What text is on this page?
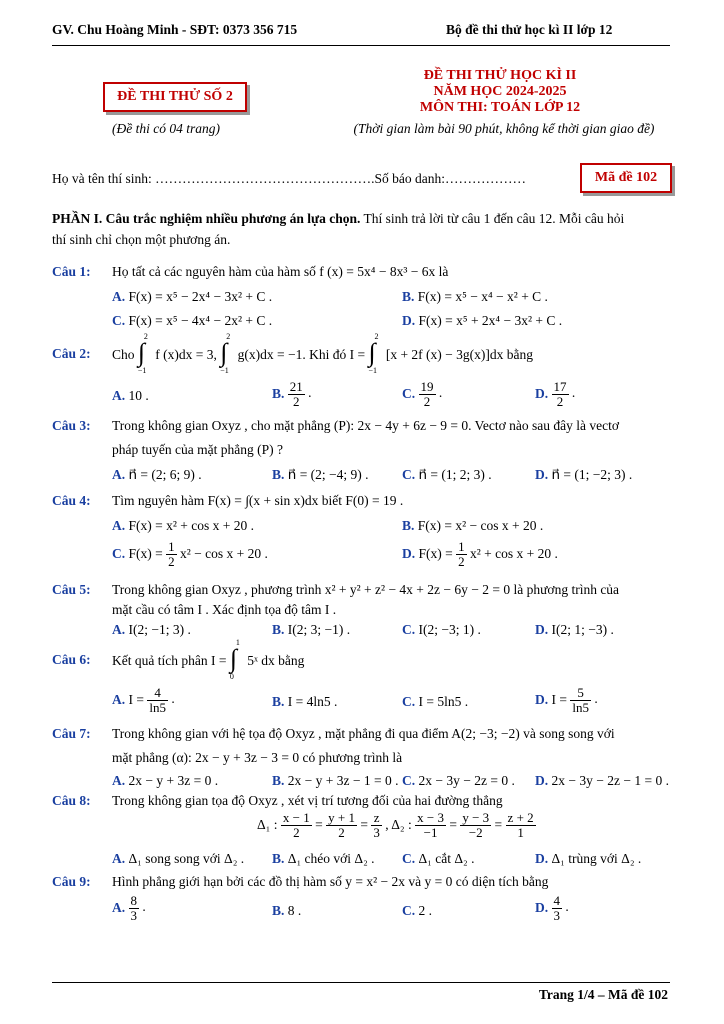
GV. Chu Hoàng Minh - SĐT: 0373 356 715	Bộ đề thi thử học kì II lớp 12
ĐỀ THI THỬ SỐ 2
(Đề thi có 04 trang)
ĐỀ THI THỬ HỌC KÌ II
NĂM HỌC 2024-2025
MÔN THI: TOÁN LỚP 12
(Thời gian làm bài 90 phút, không kể thời gian giao đề)
Họ và tên thí sinh: ………………………………………….Số báo danh:………………	Mã đề 102
PHẦN I. Câu trắc nghiệm nhiều phương án lựa chọn. Thí sinh trả lời từ câu 1 đến câu 12. Mỗi câu hỏi
thí sinh chỉ chọn một phương án.
Câu 1: Họ tất cả các nguyên hàm của hàm số f (x) = 5x⁴ − 8x³ − 6x là
A. F(x) = x⁵ − 2x⁴ − 3x² + C .	B. F(x) = x⁵ − x⁴ − x² + C .
C. F(x) = x⁵ − 4x⁴ − 2x² + C .	D. F(x) = x⁵ + 2x⁴ − 3x² + C .
Câu 2: Cho ∫
2
−1
f (x)dx = 3, ∫
2
−1
g(x)dx = −1. Khi đó I = ∫
2
−1
[x + 2f (x) − 3g(x)]dx bằng
A. 10 .	B. $\frac{21}{2}$ .	C. $\frac{19}{2}$ .	D. $\frac{17}{2}$ .
Câu 3: Trong không gian Oxyz , cho mặt phẳng (P): 2x − 4y + 6z − 9 = 0. Vectơ nào sau đây là vectơ
pháp tuyến của mặt phẳng (P) ?
A. n⃗ = (2; 6; 9) .	B. n⃗ = (2; −4; 9) . C. n⃗ = (1; 2; 3) .	D. n⃗ = (1; −2; 3) .
Câu 4: Tìm nguyên hàm F(x) = ∫(x + sin x)dx biết F(0) = 19 .
A. F(x) = x² + cos x + 20 .	B. F(x) = x² − cos x + 20 .
C. $F(x) = \frac{1}{2} x^2 - \cos x + 20$ .	D. $F(x) = \frac{1}{2} x^2 + \cos x + 20$ .
Câu 5: Trong không gian Oxyz , phương trình x² + y² + z² − 4x + 2z − 6y − 2 = 0 là phương trình của
mặt cầu có tâm I . Xác định tọa độ tâm I .
A. I(2; −1; 3) .	B. I(2; 3; −1) .	C. I(2; −3; 1) .	D. I(2; 1; −3) .
Câu 6: Kết quả tích phân I = ∫
1
0
5ˣ dx bằng
A. $I = \frac{4}{\ln 5}$ .	B. I = 4ln5 .	C. I = 5ln5 .	D. $I = \frac{5}{\ln 5}$ .
Câu 7: Trong không gian với hệ tọa độ Oxyz , mặt phẳng đi qua điểm A(2; −3; −2) và song song với
mặt phẳng (α): 2x − y + 3z − 3 = 0 có phương trình là
A. 2x − y + 3z = 0 .	B. 2x − y + 3z − 1 = 0 . C. 2x − 3y − 2z = 0 . D. 2x − 3y − 2z − 1 = 0 .
Câu 8: Trong không gian tọa độ Oxyz , xét vị trí tương đối của hai đường thẳng
Δ₁ : $\frac{x - 1}{2} = \frac{y + 1}{2} = \frac{z}{3}$ , Δ₂ : $\frac{x - 3}{-1} = \frac{y - 3}{-2} = \frac{z + 2}{1}$
A. Δ₁ song song với Δ₂ . B. Δ₁ chéo với Δ₂ . C. Δ₁ cắt Δ₂ .	D. Δ₁ trùng với Δ₂ .
Câu 9: Hình phẳng giới hạn bởi các đồ thị hàm số y = x² − 2x và y = 0 có diện tích bằng
A. $\frac{8}{3}$ .	B. 8 .	C. 2 .	D. $\frac{4}{3}$ .
Trang 1/4 – Mã đề 102
